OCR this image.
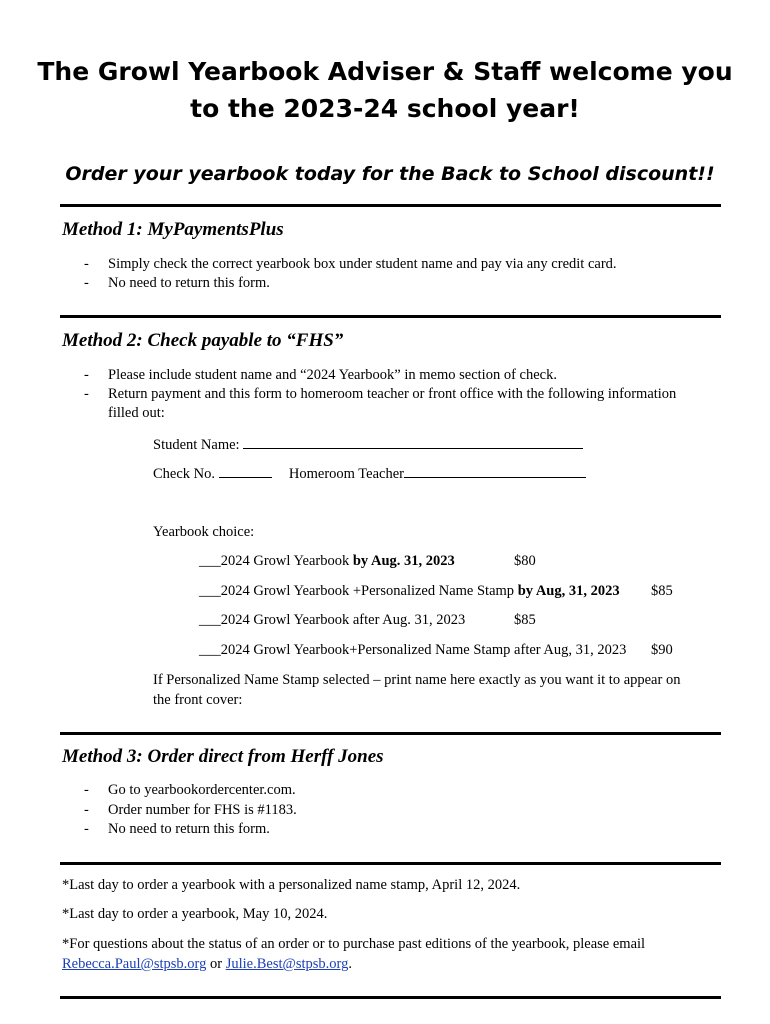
The Growl Yearbook Adviser & Staff welcome you
to the 2023-24 school year!
Order your yearbook today for the Back to School discount!!
Method 1: MyPaymentsPlus
- Simply check the correct yearbook box under student name and pay via any credit card.
- No need to return this form.
Method 2: Check payable to “FHS”
- Please include student name and “2024 Yearbook” in memo section of check.
- Return payment and this form to homeroom teacher or front office with the following information
filled out:
Student Name:
Check No.	Homeroom Teacher
Yearbook choice:
___2024 Growl Yearbook by Aug. 31, 2023	$80
___2024 Growl Yearbook +Personalized Name Stamp by Aug, 31, 2023 $85
___2024 Growl Yearbook after Aug. 31, 2023	$85
___2024 Growl Yearbook+Personalized Name Stamp after Aug, 31, 2023 $90
If Personalized Name Stamp selected – print name here exactly as you want it to appear on
the front cover:
Method 3: Order direct from Herff Jones
- Go to yearbookordercenter.com.
- Order number for FHS is #1183.
- No need to return this form.
*Last day to order a yearbook with a personalized name stamp, April 12, 2024.
*Last day to order a yearbook, May 10, 2024.
*For questions about the status of an order or to purchase past editions of the yearbook, please email
Rebecca.Paul@stpsb.org or Julie.Best@stpsb.org.
